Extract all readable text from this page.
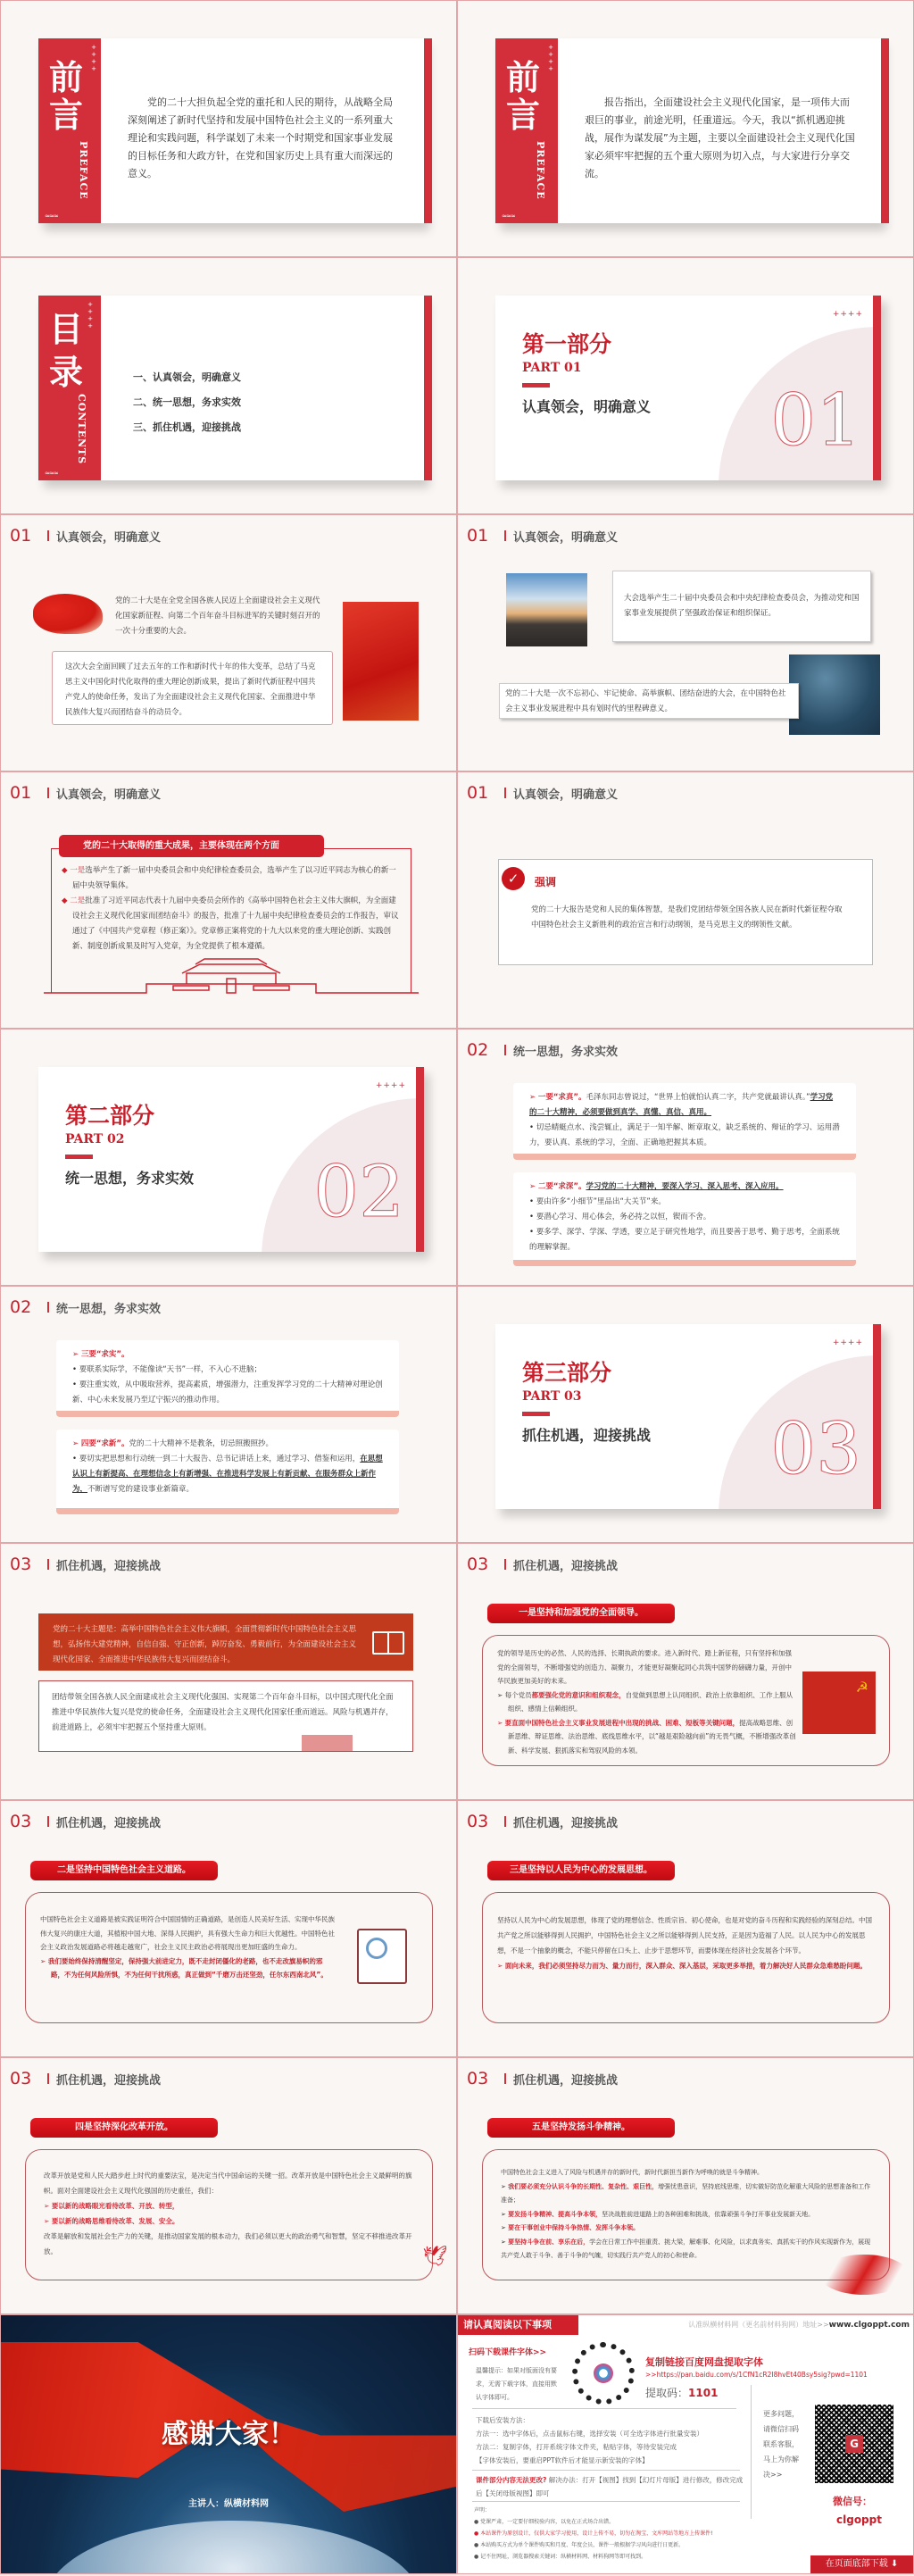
+
+
+
+
前
言
PREFACE
≈≈≈
党的二十大担负起全党的重托和人民的期待，从战略全局深刻阐述了新时代坚持和发展中国特色社会主义的一系列重大理论和实践问题，科学谋划了未来一个时期党和国家事业发展的目标任务和大政方针，在党和国家历史上具有重大而深远的意义。
+
+
+
+
前
言
PREFACE
≈≈≈
报告指出，全面建设社会主义现代化国家，是一项伟大而艰巨的事业，前途光明，任重道远。今天，我以“抓机遇迎挑战，展作为谋发展”为主题，主要以全面建设社会主义现代化国家必须牢牢把握的五个重大原则为切入点，与大家进行分享交流。
+
+
+
+
目
录
CONTENTS
≈≈≈
一、认真领会，明确意义
二、统一思想，务求实效
三、抓住机遇，迎接挑战
++++
第一部分
PART 01
认真领会，明确意义 01
01	认真领会，明确意义
党的二十大是在全党全国各族人民迈上全面建设社会主义现代化国家新征程、向第二个百年奋斗目标进军的关键时刻召开的一次十分重要的大会。
这次大会全面回顾了过去五年的工作和新时代十年的伟大变革，总结了马克思主义中国化时代化取得的重大理论创新成果，提出了新时代新征程中国共产党人的使命任务，发出了为全面建设社会主义现代化国家、全面推进中华民族伟大复兴而团结奋斗的动员令。
01	认真领会，明确意义
大会选举产生二十届中央委员会和中央纪律检查委员会，为推动党和国家事业发展提供了坚强政治保证和组织保证。
党的二十大是一次不忘初心、牢记使命、高举旗帜、团结奋进的大会，在中国特色社会主义事业发展进程中具有划时代的里程碑意义。
01	认真领会，明确意义
党的二十大取得的重大成果，主要体现在两个方面
◆ 一是选举产生了新一届中央委员会和中央纪律检查委员会，选举产生了以习近平同志为核心的新一届中央领导集体。
◆ 二是批准了习近平同志代表十九届中央委员会所作的《高举中国特色社会主义伟大旗帜，为全面建设社会主义现代化国家而团结奋斗》的报告，批准了十九届中央纪律检查委员会的工作报告，审议通过了《中国共产党章程（修正案）》。党章修正案将党的十九大以来党的重大理论创新、实践创新、制度创新成果及时写入党章，为全党提供了根本遵循。
01	认真领会，明确意义
✓	强调
党的二十大报告是党和人民的集体智慧，是我们党团结带领全国各族人民在新时代新征程夺取中国特色社会主义新胜利的政治宣言和行动纲领，是马克思主义的纲领性文献。
++++
第二部分
PART 02
统一思想，务求实效 02
02	统一思想，务求实效
➢ 一要“求真”。毛泽东同志曾说过，“世界上怕就怕认真二字，共产党就最讲认真。”学习党的二十大精神，必须要做到真学、真懂、真信、真用。
• 切忌蜻蜓点水、浅尝辄止，满足于一知半解、断章取义，缺乏系统的、辩证的学习、运用潜力，要认真、系统的学习，全面、正确地把握其本质。
➢ 二要“求深”。学习党的二十大精神，要深入学习、深入思考、深入应用。
• 要由许多“小细节”里品出“大关节”来。
• 要潜心学习、用心体会，务必持之以恒，锲而不舍。
• 要多学、深学、学深、学透，要立足于研究性地学，而且要善于思考、勤于思考，全面系统的理解掌握。
02	统一思想，务求实效
➢ 三要“求实”。
• 要联系实际学，不能像读“天书”一样，不入心不进脑；
• 要注重实效，从中吸取营养，提高素质，增强潜力，注重发挥学习党的二十大精神对理论创新、中心未来发展乃至辽宁振兴的推动作用。
➢ 四要“求新”。党的二十大精神不是教条，切忌照搬照抄。
• 要切实把思想和行动统一到二十大报告、总书记讲话上来，通过学习、借鉴和运用，在思想认识上有新提高、在理想信念上有新增强、在推进科学发展上有新贡献、在服务群众上新作为，不断谱写党的建设事业新篇章。
++++
第三部分
PART 03
抓住机遇，迎接挑战 03
03	抓住机遇，迎接挑战
党的二十大主题是：高举中国特色社会主义伟大旗帜，全面贯彻新时代中国特色社会主义思想，弘扬伟大建党精神，自信自强、守正创新，踔厉奋发、勇毅前行，为全面建设社会主义现代化国家、全面推进中华民族伟大复兴而团结奋斗。
团结带领全国各族人民全面建成社会主义现代化强国、实现第二个百年奋斗目标，以中国式现代化全面推进中华民族伟大复兴是党的使命任务，全面建设社会主义现代化国家任重而道远。风险与机遇并存，前进道路上，必须牢牢把握五个坚持重大原则。
03	抓住机遇，迎接挑战
一是坚持和加强党的全面领导。
党的领导是历史的必然、人民的选择、长期执政的要求。进入新时代、踏上新征程，只有坚持和加强党的全面领导，不断增强党的创造力、凝聚力，才能更好凝聚起同心共筑中国梦的磅礴力量，开创中华民族更加美好的未来。
➢ 每个党员都要强化党的意识和组织观念，自觉做到思想上认同组织、政治上依靠组织、工作上服从组织、感情上信赖组织。
➢ 要直面中国特色社会主义事业发展进程中出现的挑战、困难、短板等关键问题，提高战略思维、创新思维、辩证思维、法治思维、底线思维水平，以“越是艰险越向前”的无畏气概，不断增强改革创新、科学发展、狠抓落实和驾驭风险的本领。
☭
03	抓住机遇，迎接挑战
二是坚持中国特色社会主义道路。
中国特色社会主义道路是被实践证明符合中国国情的正确道路，是创造人民美好生活、实现中华民族伟大复兴的康庄大道，其植根中国大地、深得人民拥护，具有强大生命力和巨大优越性。中国特色社会主义政治发展道路必将越走越宽广，社会主义民主政治必将展现出更加旺盛的生命力。
➢ 我们要始终保持清醒坚定，保持强大前进定力，既不走封闭僵化的老路，也不走改旗易帜的邪路，不为任何风险所惧，不为任何干扰所惑，真正做到“千磨万击还坚劲，任尔东西南北风”。
03	抓住机遇，迎接挑战
三是坚持以人民为中心的发展思想。
坚持以人民为中心的发展思想，体现了党的理想信念、性质宗旨、初心使命，也是对党的奋斗历程和实践经验的深刻总结。中国共产党之所以能够得到人民拥护，中国特色社会主义之所以能够得到人民支持，正是因为造福了人民。以人民为中心的发展思想，不是一个抽象的概念，不能只停留在口头上、止步于思想环节，而要体现在经济社会发展各个环节。
➢ 面向未来，我们必须坚持尽力而为、量力而行，深入群众、深入基层，采取更多举措，着力解决好人民群众急难愁盼问题。
03	抓住机遇，迎接挑战
四是坚持深化改革开放。
改革开放是党和人民大踏步赶上时代的重要法宝，是决定当代中国命运的关键一招。改革开放是中国特色社会主义最鲜明的旗帜。面对全面建设社会主义现代化强国的历史重任，我们：
➢ 要以新的战略眼光看待改革、开放、转型，
➢ 要以新的战略思维看待改革、发展、安全。
改革是解放和发展社会生产力的关键，是推动国家发展的根本动力，我们必须以更大的政治勇气和智慧，坚定不移推进改革开放。	🕊
03	抓住机遇，迎接挑战
五是坚持发扬斗争精神。
中国特色社会主义进入了风险与机遇并存的新时代，新时代新担当新作为呼唤的就是斗争精神。
➢ 我们要必须充分认识斗争的长期性、复杂性、艰巨性，增强忧患意识，坚持底线思维，切实做好防范化解重大风险的思想准备和工作准备；
➢ 要发扬斗争精神、提高斗争本领，坚决战胜前进道路上的各种困难和挑战，依靠顽强斗争打开事业发展新天地。
➢ 要在干事创业中保持斗争热情、发挥斗争本领。
➢ 要坚持斗争在前、享乐在后，学会在日常工作中担重责、挑大梁，解难事、化风险，以求真务实、真抓实干的作风实现新作为，展现共产党人敢于斗争、善于斗争的气魄，切实践行共产党人的初心和使命。
感谢大家！
主讲人：纵横材料网
请认真阅读以下事项	认准纵横材料网（更名前材料狗网）地址>>www.clgoppt.com
扫码下载课件字体>>
温馨提示：如果对版面没有要求，无需下载字体，直接用默认字体即可。
复制链接百度网盘提取字体
>>https://pan.baidu.com/s/1CfN1cR2I8hvEt40Bsy5sig?pwd=1101
提取码：1101
下载后安装方法：
方法一：选中字体后，点击鼠标右键，选择安装（可全选字体进行批量安装）
方法二：复制字体，打开系统字体文件夹，粘贴字体，等待安装完成
【字体安装后，要重启PPT软件后才能显示新安装的字体】
课件部分内容无法更改? 解决办法：打开【视图】找到【幻灯片母版】进行修改，修改完成后【关闭母版视图】即可
声明：
● 党课严肃，一定要仔细校验内容，以免在正式场合出错。
● 本站课件为原创设计，仅供大家学习使用，设计上传不易，切勿在淘宝、文库网站等地方上传课件!
● 本站购买方式为单个课件购买和月度、年度会员，课件一般根据学习风向进行日更新。
● 记不住网址，浏览器搜索关键词：纵横材料网、材料狗网等即可找到。
更多问题，请微信扫码联系客服，马上为你解决>>
G
微信号：
clgoppt
在页面底部下载 ⬇
